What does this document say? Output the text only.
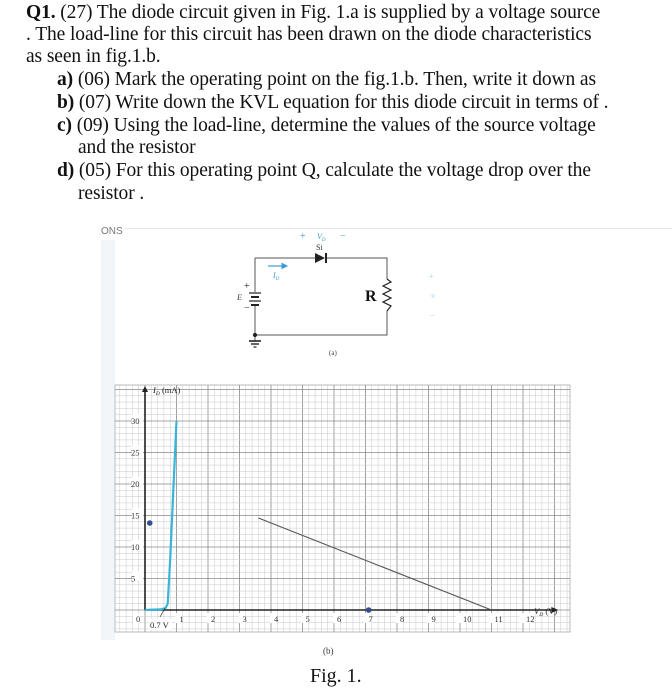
Q1. (27) The diode circuit given in Fig. 1.a is supplied by a voltage source
. The load-line for this circuit has been drawn on the diode characteristics
as seen in fig.1.b.
a) (06) Mark the operating point on the fig.1.b. Then, write it down as
b) (07) Write down the KVL equation for this diode circuit in terms of .
c) (09) Using the load-line, determine the values of the source voltage
and the resistor
d) (05) For this operating point Q, calculate the voltage drop over the
resistor .
ONS
+
E
−
Si
+ $V_D$ −
$I_D$
R
+
'R
−
(a)
0	1	2	3	4	5	6	7	8	9	10	11	12
5
10
15
20
25
30
$I_D$ (mA)
$V_D$ (V)
0.7 V
(b)
Fig. 1.
